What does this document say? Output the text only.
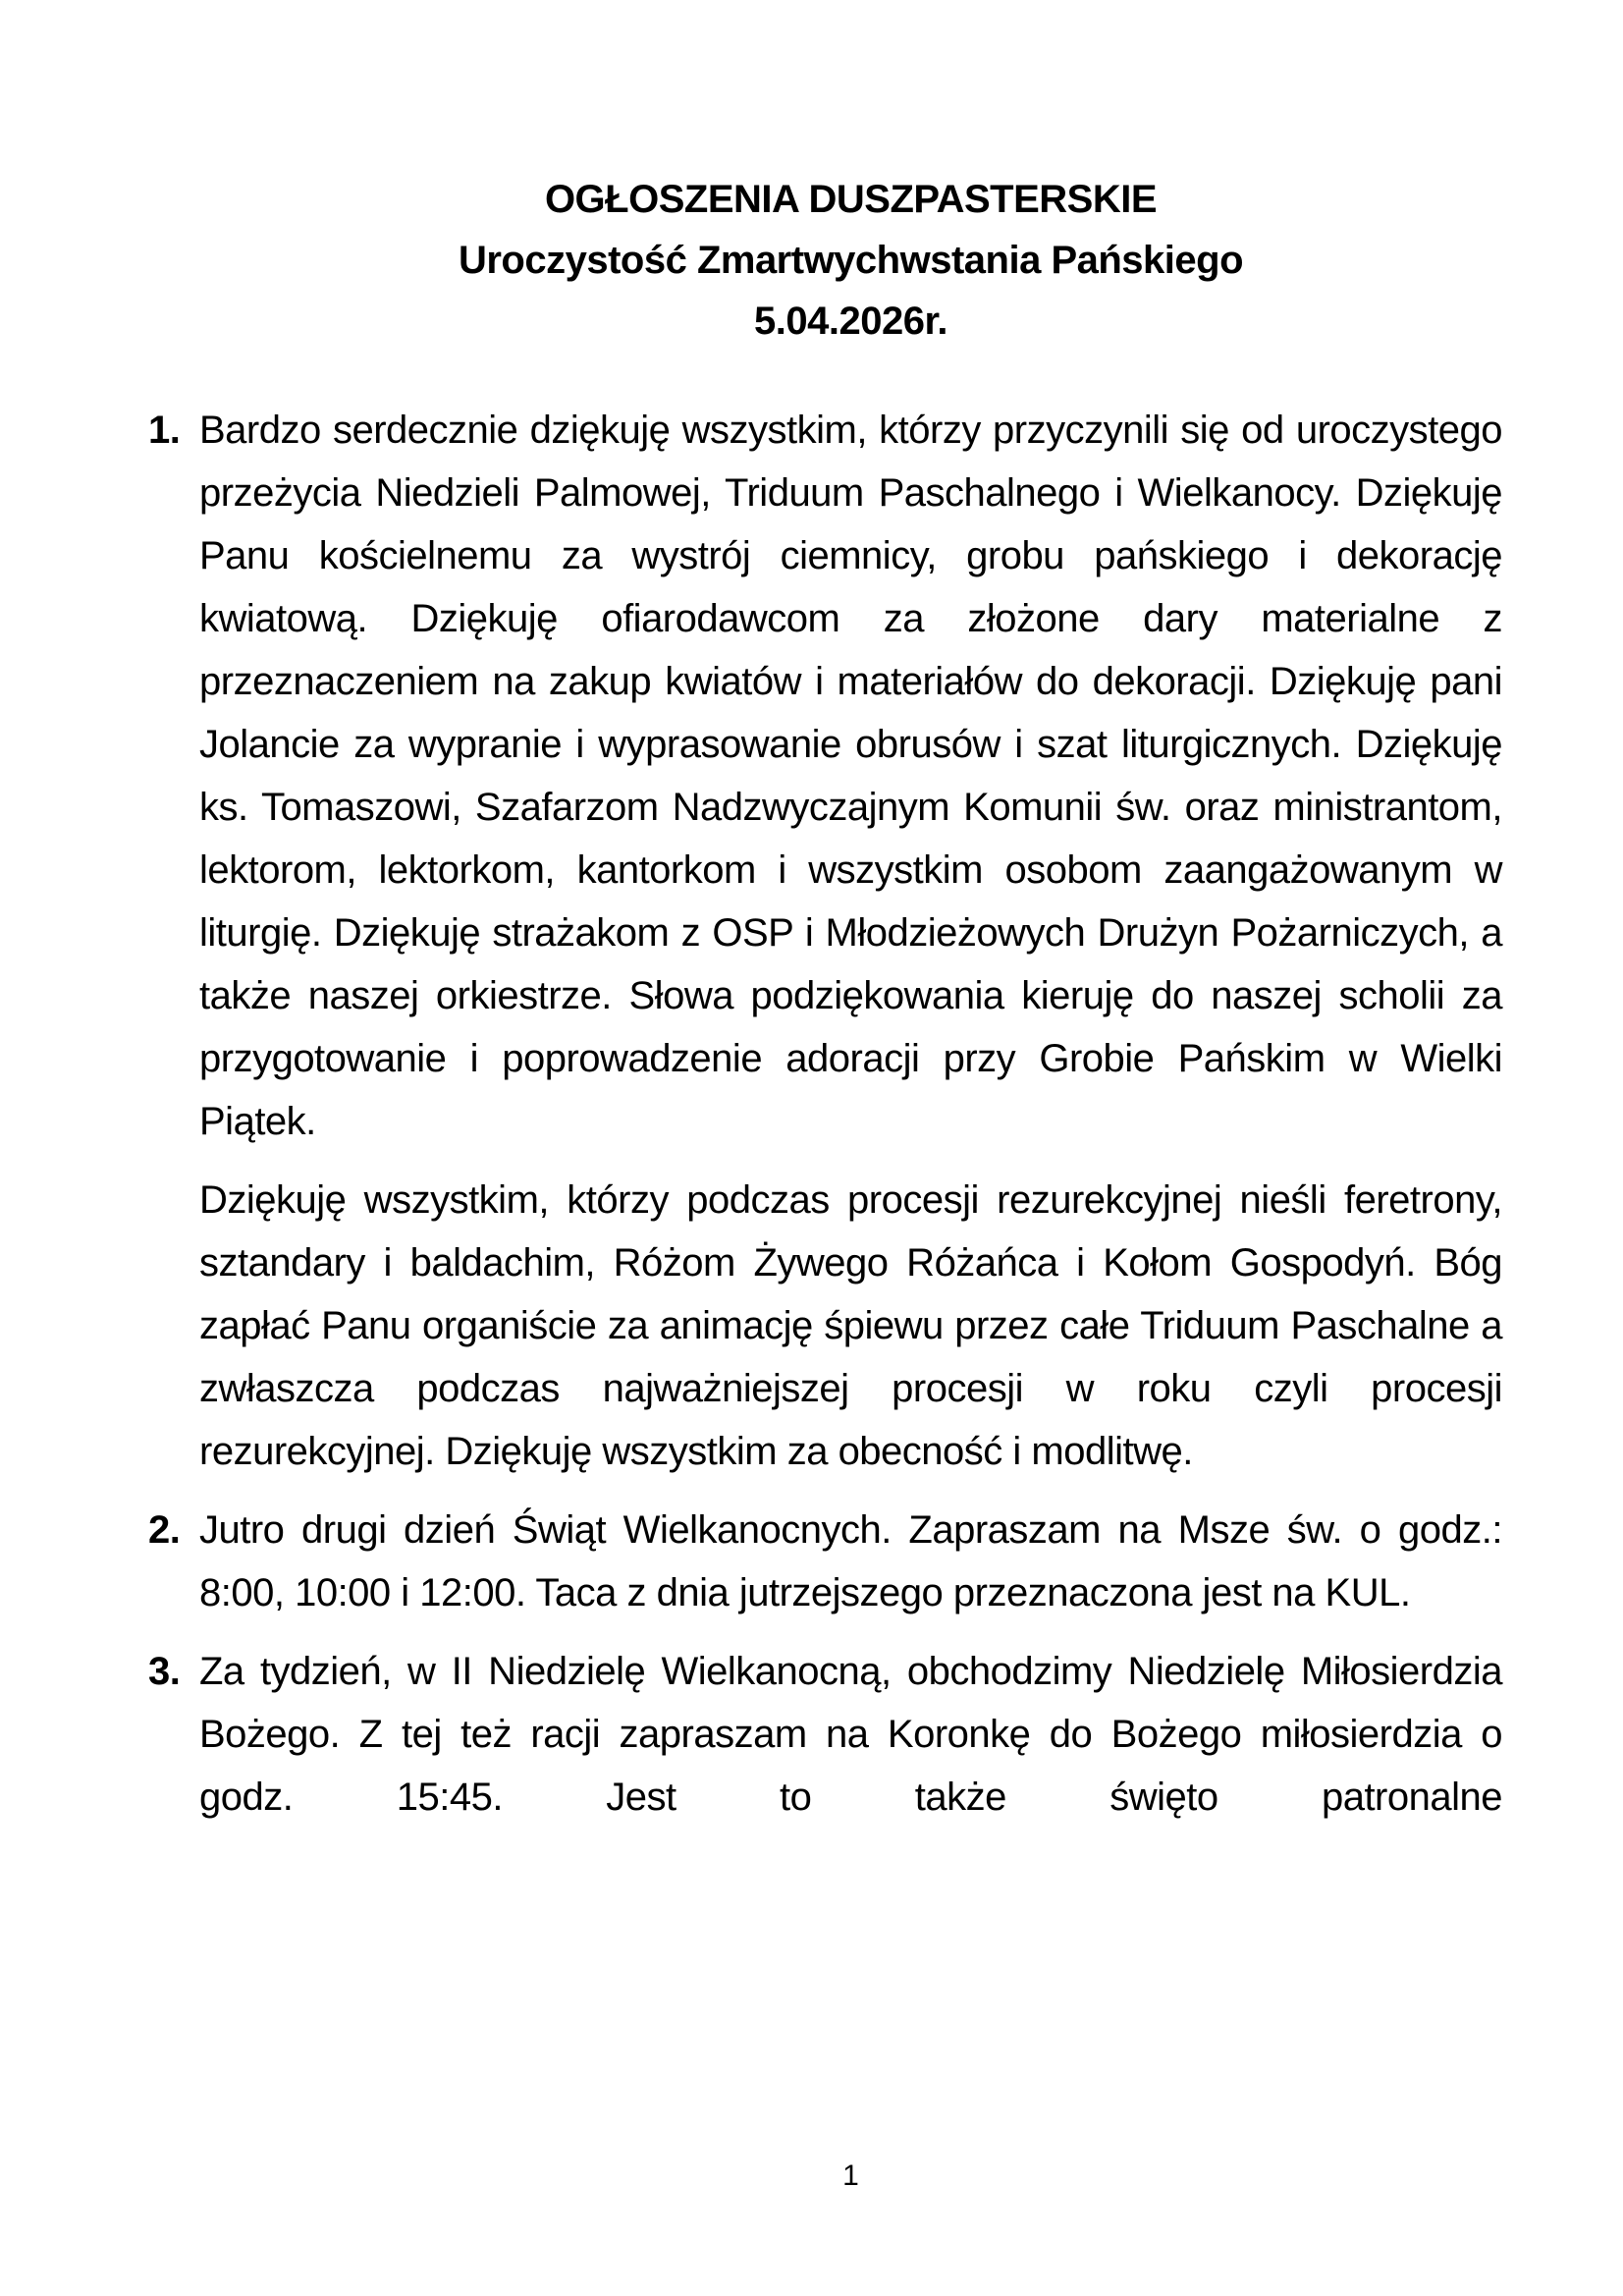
OGŁOSZENIA DUSZPASTERSKIE
Uroczystość Zmartwychwstania Pańskiego
5.04.2026r.
1. Bardzo serdecznie dziękuję wszystkim, którzy przyczynili się od uroczystego przeżycia Niedzieli Palmowej, Triduum Paschalnego i Wielkanocy. Dziękuję Panu kościelnemu za wystrój ciemnicy, grobu pańskiego i dekorację kwiatową. Dziękuję ofiarodawcom za złożone dary materialne z przeznaczeniem na zakup kwiatów i materiałów do dekoracji. Dziękuję pani Jolancie za wypranie i wyprasowanie obrusów i szat liturgicznych. Dziękuję ks. Tomaszowi, Szafarzom Nadzwyczajnym Komunii św. oraz ministrantom, lektorom, lektorkom, kantorkom i wszystkim osobom zaangażowanym w liturgię. Dziękuję strażakom z OSP i Młodzieżowych Drużyn Pożarniczych, a także naszej orkiestrze. Słowa podziękowania kieruję do naszej scholii za przygotowanie i poprowadzenie adoracji przy Grobie Pańskim w Wielki Piątek.

Dziękuję wszystkim, którzy podczas procesji rezurekcyjnej nieśli feretrony, sztandary i baldachim, Różom Żywego Różańca i Kołom Gospodyń. Bóg zapłać Panu organiście za animację śpiewu przez całe Triduum Paschalne a zwłaszcza podczas najważniejszej procesji w roku czyli procesji rezurekcyjnej. Dziękuję wszystkim za obecność i modlitwę.

2. Jutro drugi dzień Świąt Wielkanocnych. Zapraszam na Msze św. o godz.: 8:00, 10:00 i 12:00. Taca z dnia jutrzejszego przeznaczona jest na KUL.

3. Za tydzień, w II Niedzielę Wielkanocną, obchodzimy Niedzielę Miłosierdzia Bożego. Z tej też racji zapraszam na Koronkę do Bożego miłosierdzia o godz. 15:45. Jest to także święto patronalne

1
